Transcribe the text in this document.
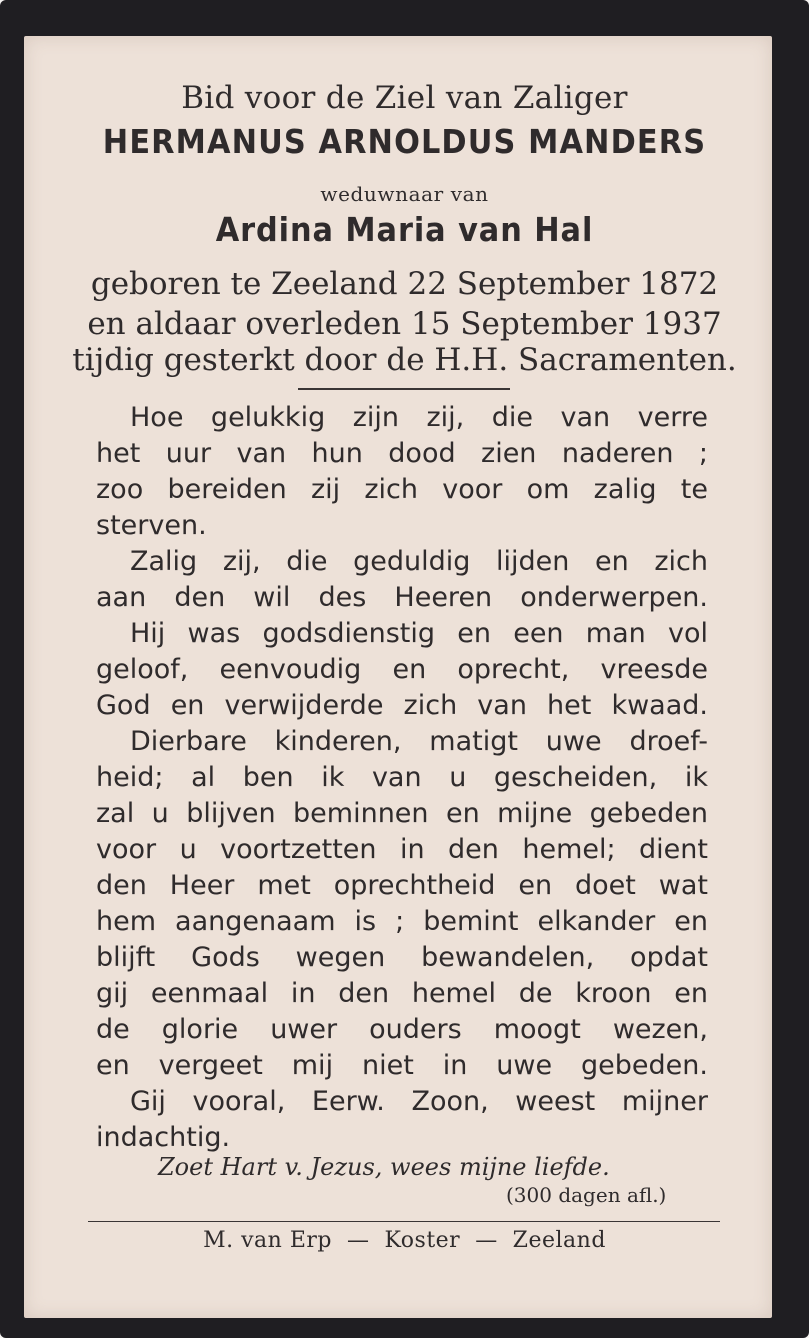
Bid voor de Ziel van Zaliger
HERMANUS ARNOLDUS MANDERS
weduwnaar van
Ardina Maria van Hal
geboren te Zeeland 22 September 1872
en aldaar overleden 15 September 1937
tijdig gesterkt door de H.H. Sacramenten.
Hoe gelukkig zijn zij, die van verre
het uur van hun dood zien naderen ;
zoo bereiden zij zich voor om zalig te
sterven.
Zalig zij, die geduldig lijden en zich
aan den wil des Heeren onderwerpen.
Hij was godsdienstig en een man vol
geloof, eenvoudig en oprecht, vreesde
God en verwijderde zich van het kwaad.
Dierbare kinderen, matigt uwe droef-
heid; al ben ik van u gescheiden, ik
zal u blijven beminnen en mijne gebeden
voor u voortzetten in den hemel; dient
den Heer met oprechtheid en doet wat
hem aangenaam is ; bemint elkander en
blijft Gods wegen bewandelen, opdat
gij eenmaal in den hemel de kroon en
de glorie uwer ouders moogt wezen,
en vergeet mij niet in uwe gebeden.
Gij vooral, Eerw. Zoon, weest mijner
indachtig.
Zoet Hart v. Jezus, wees mijne liefde.
(300 dagen afl.)
M. van Erp  —  Koster  —  Zeeland
